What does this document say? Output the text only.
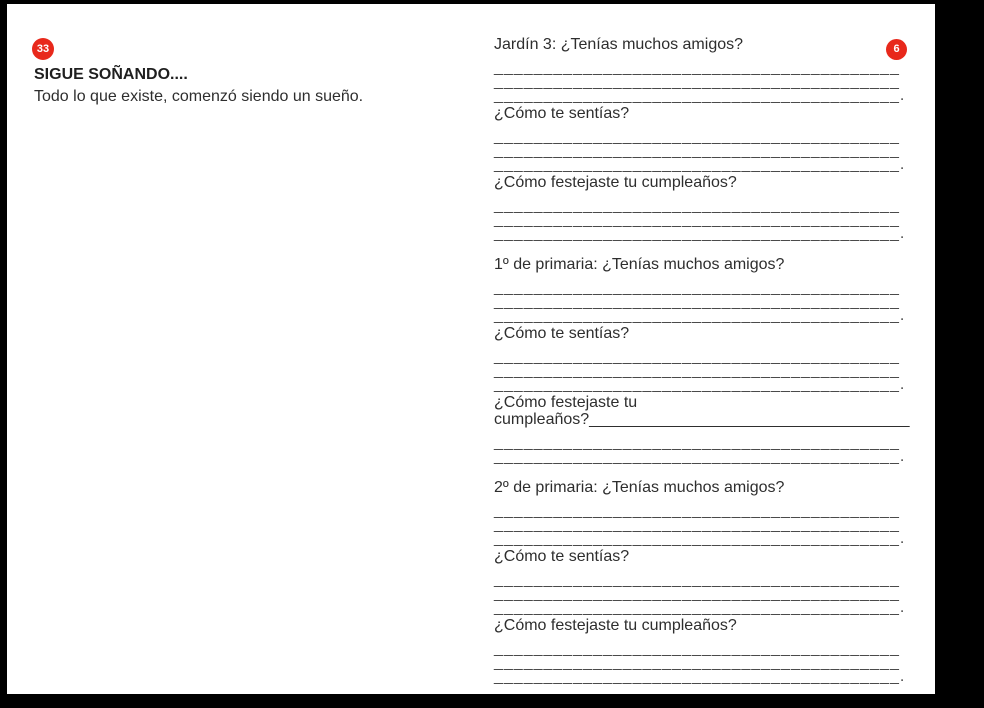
33
SIGUE SOÑANDO....
Todo lo que existe, comenzó siendo un sueño.
6
Jardín 3: ¿Tenías muchos amigos?
_________________________________________
_________________________________________
_________________________________________.
¿Cómo te sentías?
_________________________________________
_________________________________________
_________________________________________.
¿Cómo festejaste tu cumpleaños?
_________________________________________
_________________________________________
_________________________________________.
1º de primaria: ¿Tenías muchos amigos?
_________________________________________
_________________________________________
_________________________________________.
¿Cómo te sentías?
_________________________________________
_________________________________________
_________________________________________.
¿Cómo festejaste tu
cumpleaños?____________________________________
_________________________________________
_________________________________________.
2º de primaria: ¿Tenías muchos amigos?
_________________________________________
_________________________________________
_________________________________________.
¿Cómo te sentías?
_________________________________________
_________________________________________
_________________________________________.
¿Cómo festejaste tu cumpleaños?
_________________________________________
_________________________________________
_________________________________________.
